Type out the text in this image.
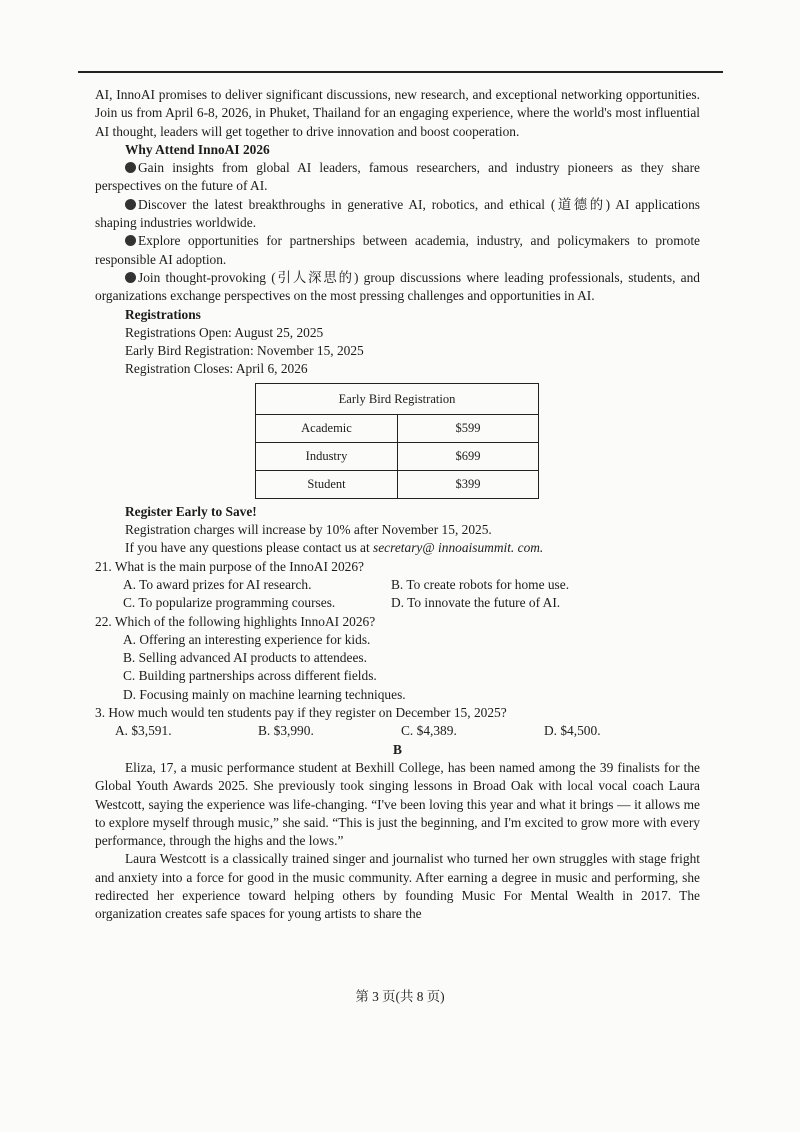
AI, InnoAI promises to deliver significant discussions, new research, and exceptional networking opportunities. Join us from April 6-8, 2026, in Phuket, Thailand for an engaging experience, where the world's most influential AI thought, leaders will get together to drive innovation and boost cooperation.

Why Attend InnoAI 2026

Gain insights from global AI leaders, famous researchers, and industry pioneers as they share perspectives on the future of AI.

Discover the latest breakthroughs in generative AI, robotics, and ethical (道德的) AI applications shaping industries worldwide.

Explore opportunities for partnerships between academia, industry, and policymakers to promote responsible AI adoption.

Join thought-provoking (引人深思的) group discussions where leading professionals, students, and organizations exchange perspectives on the most pressing challenges and opportunities in AI.

Registrations

Registrations Open: August 25, 2025

Early Bird Registration: November 15, 2025

Registration Closes: April 6, 2026

Early Bird Registration	
Academic	$599
Industry	$699
Student	$399

Register Early to Save!

Registration charges will increase by 10% after November 15, 2025.

If you have any questions please contact us at secretary@ innoaisummit. com.

21. What is the main purpose of the InnoAI 2026?

A. To award prizes for AI research.	B. To create robots for home use.
C. To popularize programming courses.	D. To innovate the future of AI.

22. Which of the following highlights InnoAI 2026?

A. Offering an interesting experience for kids.

B. Selling advanced AI products to attendees.

C. Building partnerships across different fields.

D. Focusing mainly on machine learning techniques.

3. How much would ten students pay if they register on December 15, 2025?

A. $3,591.	B. $3,990.	C. $4,389.	D. $4,500.

B

Eliza, 17, a music performance student at Bexhill College, has been named among the 39 finalists for the Global Youth Awards 2025. She previously took singing lessons in Broad Oak with local vocal coach Laura Westcott, saying the experience was life-changing. “I've been loving this year and what it brings — it allows me to explore myself through music,” she said. “This is just the beginning, and I'm excited to grow more with every performance, through the highs and the lows.”

Laura Westcott is a classically trained singer and journalist who turned her own struggles with stage fright and anxiety into a force for good in the music community. After earning a degree in music and performing, she redirected her experience toward helping others by founding Music For Mental Wealth in 2017. The organization creates safe spaces for young artists to share the

第 3 页(共 8 页)
